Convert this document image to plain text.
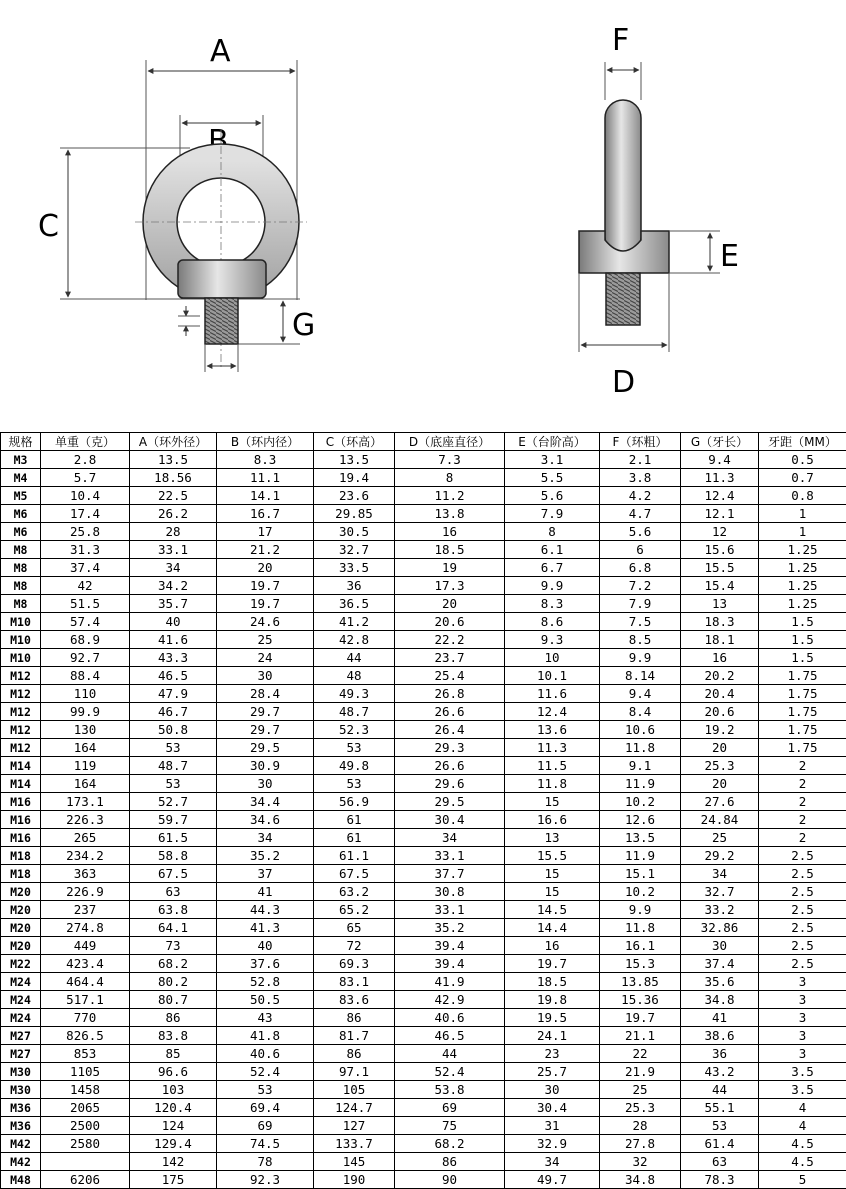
A
B
C
G
F
E
D
规格	单重（克）	A（环外径）	B（环内径）	C（环高）	D（底座直径）	E（台阶高）	F（环粗）	G（牙长）	牙距（MM）
M3	2.8	13.5	8.3	13.5	7.3	3.1	2.1	9.4	0.5
M4	5.7	18.56	11.1	19.4	8	5.5	3.8	11.3	0.7
M5	10.4	22.5	14.1	23.6	11.2	5.6	4.2	12.4	0.8
M6	17.4	26.2	16.7	29.85	13.8	7.9	4.7	12.1	1
M6	25.8	28	17	30.5	16	8	5.6	12	1
M8	31.3	33.1	21.2	32.7	18.5	6.1	6	15.6	1.25
M8	37.4	34	20	33.5	19	6.7	6.8	15.5	1.25
M8	42	34.2	19.7	36	17.3	9.9	7.2	15.4	1.25
M8	51.5	35.7	19.7	36.5	20	8.3	7.9	13	1.25
M10	57.4	40	24.6	41.2	20.6	8.6	7.5	18.3	1.5
M10	68.9	41.6	25	42.8	22.2	9.3	8.5	18.1	1.5
M10	92.7	43.3	24	44	23.7	10	9.9	16	1.5
M12	88.4	46.5	30	48	25.4	10.1	8.14	20.2	1.75
M12	110	47.9	28.4	49.3	26.8	11.6	9.4	20.4	1.75
M12	99.9	46.7	29.7	48.7	26.6	12.4	8.4	20.6	1.75
M12	130	50.8	29.7	52.3	26.4	13.6	10.6	19.2	1.75
M12	164	53	29.5	53	29.3	11.3	11.8	20	1.75
M14	119	48.7	30.9	49.8	26.6	11.5	9.1	25.3	2
M14	164	53	30	53	29.6	11.8	11.9	20	2
M16	173.1	52.7	34.4	56.9	29.5	15	10.2	27.6	2
M16	226.3	59.7	34.6	61	30.4	16.6	12.6	24.84	2
M16	265	61.5	34	61	34	13	13.5	25	2
M18	234.2	58.8	35.2	61.1	33.1	15.5	11.9	29.2	2.5
M18	363	67.5	37	67.5	37.7	15	15.1	34	2.5
M20	226.9	63	41	63.2	30.8	15	10.2	32.7	2.5
M20	237	63.8	44.3	65.2	33.1	14.5	9.9	33.2	2.5
M20	274.8	64.1	41.3	65	35.2	14.4	11.8	32.86	2.5
M20	449	73	40	72	39.4	16	16.1	30	2.5
M22	423.4	68.2	37.6	69.3	39.4	19.7	15.3	37.4	2.5
M24	464.4	80.2	52.8	83.1	41.9	18.5	13.85	35.6	3
M24	517.1	80.7	50.5	83.6	42.9	19.8	15.36	34.8	3
M24	770	86	43	86	40.6	19.5	19.7	41	3
M27	826.5	83.8	41.8	81.7	46.5	24.1	21.1	38.6	3
M27	853	85	40.6	86	44	23	22	36	3
M30	1105	96.6	52.4	97.1	52.4	25.7	21.9	43.2	3.5
M30	1458	103	53	105	53.8	30	25	44	3.5
M36	2065	120.4	69.4	124.7	69	30.4	25.3	55.1	4
M36	2500	124	69	127	75	31	28	53	4
M42	2580	129.4	74.5	133.7	68.2	32.9	27.8	61.4	4.5
M42		142	78	145	86	34	32	63	4.5
M48	6206	175	92.3	190	90	49.7	34.8	78.3	5
